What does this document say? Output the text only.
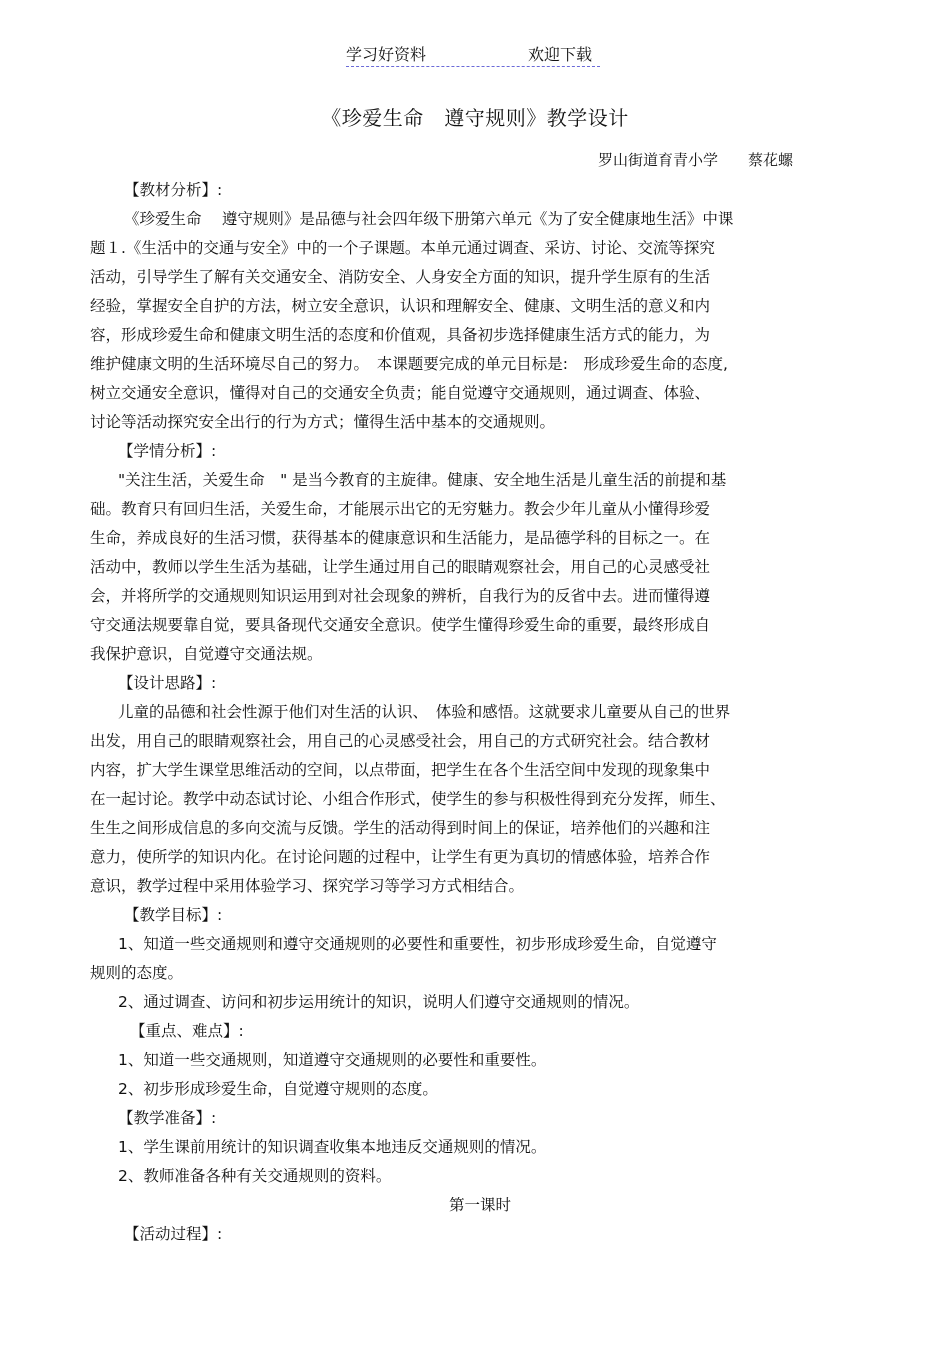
学习好资料	欢迎下载
《珍爱生命　遵守规则》教学设计
罗山街道育青小学　　蔡花螺
【教材分析】:
《珍爱生命　 遵守规则》是品德与社会四年级下册第六单元《为了安全健康地生活》中课
题１.《生活中的交通与安全》中的一个子课题。本单元通过调查、采访、讨论、交流等探究
活动，引导学生了解有关交通安全、消防安全、人身安全方面的知识，提升学生原有的生活
经验，掌握安全自护的方法，树立安全意识，认识和理解安全、健康、文明生活的意义和内
容，形成珍爱生命和健康文明生活的态度和价值观，具备初步选择健康生活方式的能力，为
维护健康文明的生活环境尽自己的努力。　本课题要完成的单元目标是:　形成珍爱生命的态度,
树立交通安全意识，懂得对自己的交通安全负责；能自觉遵守交通规则，通过调查、体验、
讨论等活动探究安全出行的行为方式；懂得生活中基本的交通规则。
【学情分析】:
"关注生活，关爱生命　" 是当今教育的主旋律。健康、安全地生活是儿童生活的前提和基
础。教育只有回归生活，关爱生命，才能展示出它的无穷魅力。教会少年儿童从小懂得珍爱
生命，养成良好的生活习惯，获得基本的健康意识和生活能力，是品德学科的目标之一。在
活动中，教师以学生生活为基础，让学生通过用自己的眼睛观察社会，用自己的心灵感受社
会，并将所学的交通规则知识运用到对社会现象的辨析，自我行为的反省中去。进而懂得遵
守交通法规要靠自觉，要具备现代交通安全意识。使学生懂得珍爱生命的重要，最终形成自
我保护意识，自觉遵守交通法规。
【设计思路】:
儿童的品德和社会性源于他们对生活的认识、　体验和感悟。这就要求儿童要从自己的世界
出发，用自己的眼睛观察社会，用自己的心灵感受社会，用自己的方式研究社会。结合教材
内容，扩大学生课堂思维活动的空间，以点带面，把学生在各个生活空间中发现的现象集中
在一起讨论。教学中动态试讨论、小组合作形式，使学生的参与积极性得到充分发挥，师生、
生生之间形成信息的多向交流与反馈。学生的活动得到时间上的保证，培养他们的兴趣和注
意力，使所学的知识内化。在讨论问题的过程中，让学生有更为真切的情感体验，培养合作
意识，教学过程中采用体验学习、探究学习等学习方式相结合。
【教学目标】:
1、知道一些交通规则和遵守交通规则的必要性和重要性，初步形成珍爱生命，自觉遵守
规则的态度。
2、通过调查、访问和初步运用统计的知识，说明人们遵守交通规则的情况。
【重点、难点】:
1、知道一些交通规则，知道遵守交通规则的必要性和重要性。
2、初步形成珍爱生命，自觉遵守规则的态度。
【教学准备】:
1、学生课前用统计的知识调查收集本地违反交通规则的情况。
2、教师准备各种有关交通规则的资料。
第一课时
【活动过程】:
